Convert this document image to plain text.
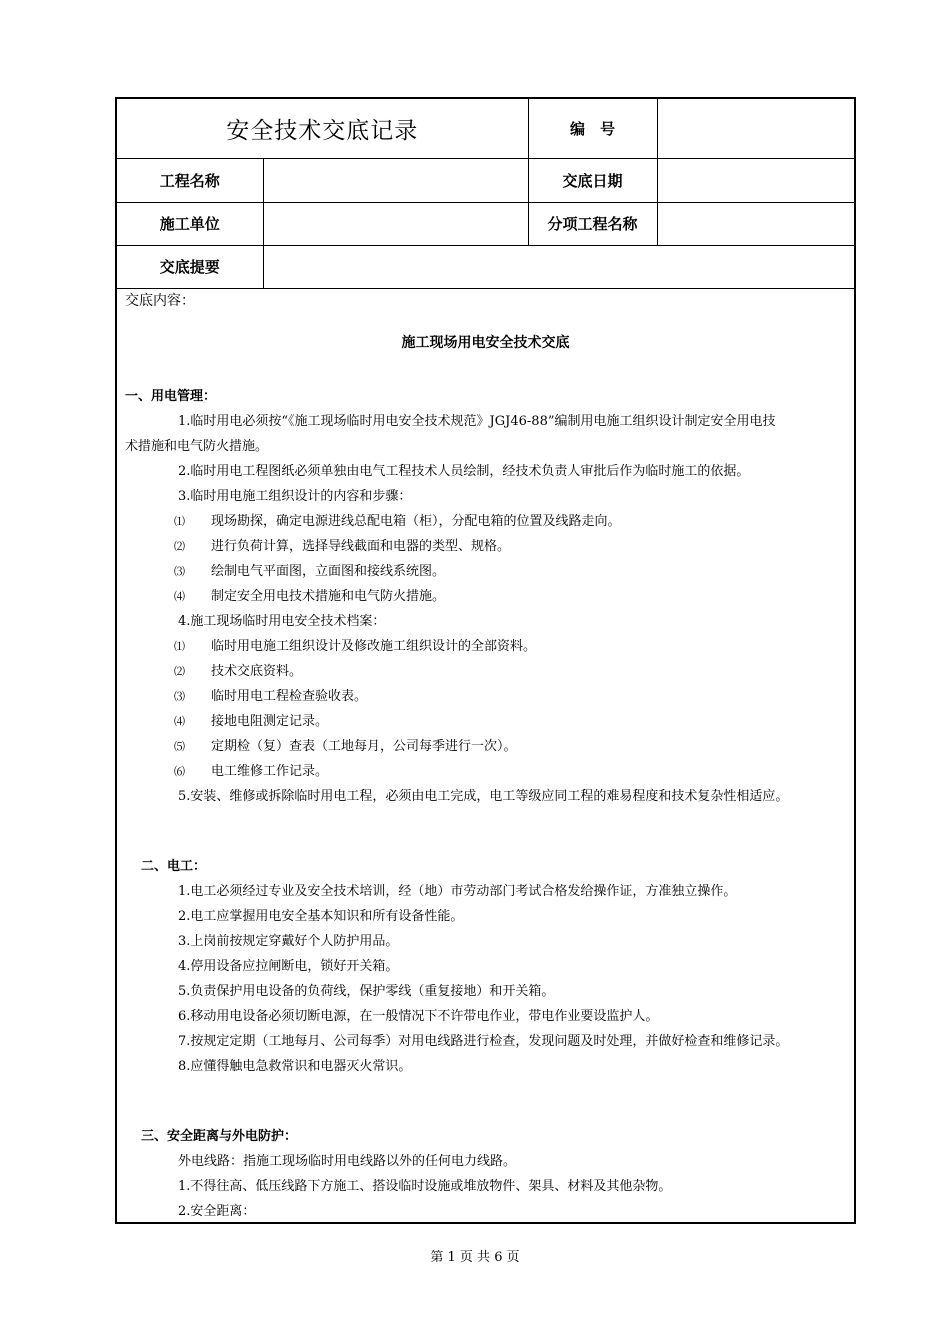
安全技术交底记录		编　号	
工程名称		交底日期	
施工单位		分项工程名称	
交底提要			
交底内容：
施工现场用电安全技术交底
一、用电管理：
1.临时用电必须按“《施工现场临时用电安全技术规范》JGJ46-88”编制用电施工组织设计制定安全用电技
术措施和电气防火措施。
2.临时用电工程图纸必须单独由电气工程技术人员绘制，经技术负责人审批后作为临时施工的依据。
3.临时用电施工组织设计的内容和步骤：
⑴ 现场勘探，确定电源进线总配电箱（柜），分配电箱的位置及线路走向。
⑵ 进行负荷计算，选择导线截面和电器的类型、规格。
⑶ 绘制电气平面图，立面图和接线系统图。
⑷ 制定安全用电技术措施和电气防火措施。
4.施工现场临时用电安全技术档案：
⑴ 临时用电施工组织设计及修改施工组织设计的全部资料。
⑵ 技术交底资料。
⑶ 临时用电工程检查验收表。
⑷ 接地电阻测定记录。
⑸ 定期检（复）查表（工地每月，公司每季进行一次）。
⑹ 电工维修工作记录。
5.安装、维修或拆除临时用电工程，必须由电工完成，电工等级应同工程的难易程度和技术复杂性相适应。
二、电工：
1.电工必须经过专业及安全技术培训，经（地）市劳动部门考试合格发给操作证，方准独立操作。
2.电工应掌握用电安全基本知识和所有设备性能。
3.上岗前按规定穿戴好个人防护用品。
4.停用设备应拉闸断电，锁好开关箱。
5.负责保护用电设备的负荷线，保护零线（重复接地）和开关箱。
6.移动用电设备必须切断电源，在一般情况下不许带电作业，带电作业要设监护人。
7.按规定定期（工地每月、公司每季）对用电线路进行检查，发现问题及时处理，并做好检查和维修记录。
8.应懂得触电急救常识和电器灭火常识。
三、安全距离与外电防护：
外电线路：指施工现场临时用电线路以外的任何电力线路。
1.不得往高、低压线路下方施工、搭设临时设施或堆放物件、架具、材料及其他杂物。
2.安全距离：
第 1 页 共 6 页
